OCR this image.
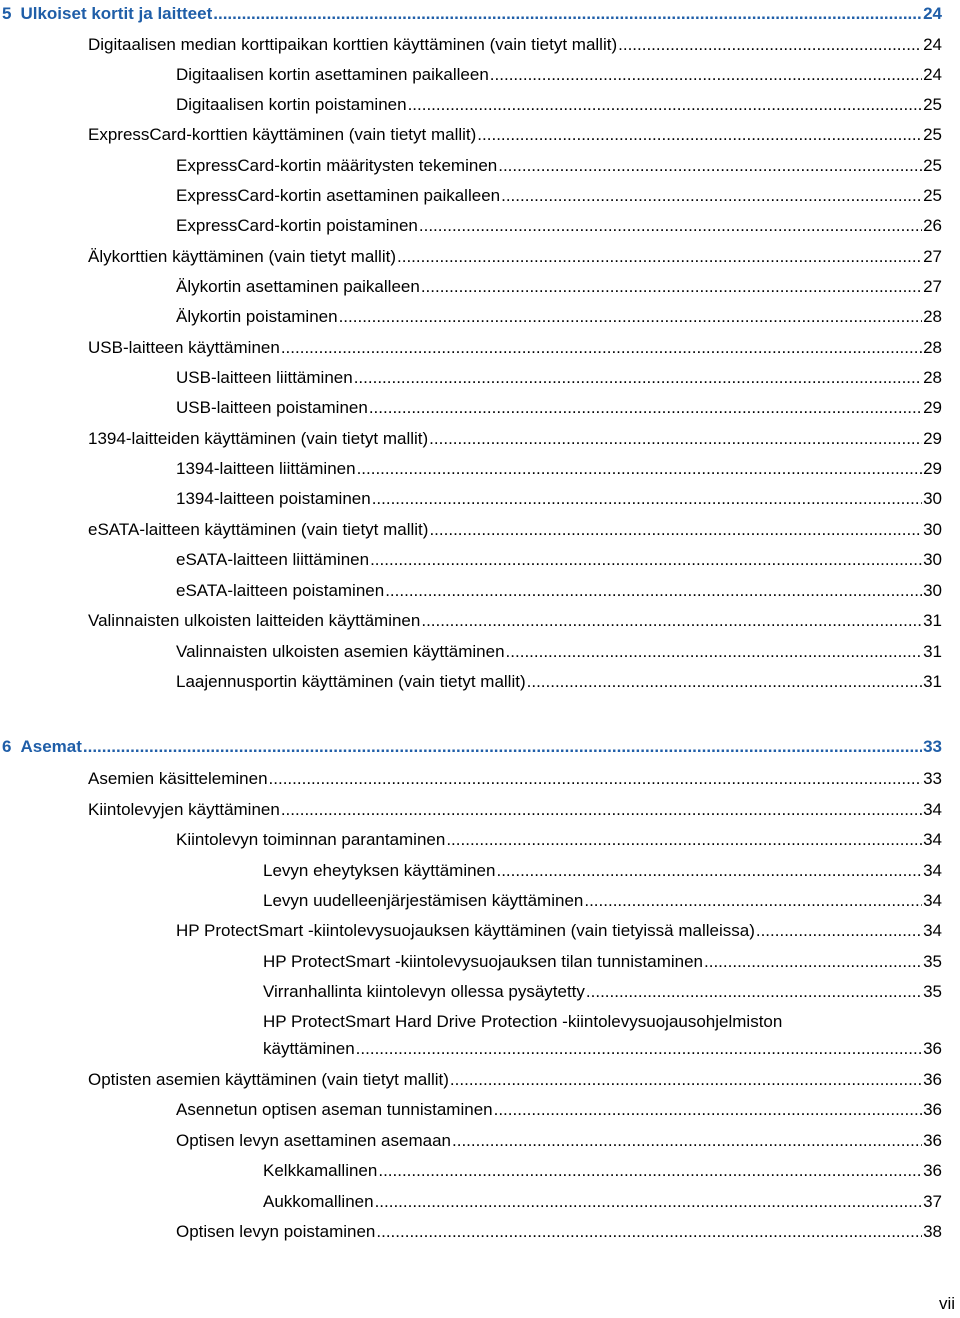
5 Ulkoiset kortit ja laitteet .....	24
Digitaalisen median korttipaikan korttien käyttäminen (vain tietyt mallit) .....	24
Digitaalisen kortin asettaminen paikalleen .....	24
Digitaalisen kortin poistaminen .....	25
ExpressCard-korttien käyttäminen (vain tietyt mallit) .....	25
ExpressCard-kortin määritysten tekeminen .....	25
ExpressCard-kortin asettaminen paikalleen .....	25
ExpressCard-kortin poistaminen .....	26
Älykorttien käyttäminen (vain tietyt mallit) .....	27
Älykortin asettaminen paikalleen .....	27
Älykortin poistaminen .....	28
USB-laitteen käyttäminen .....	28
USB-laitteen liittäminen .....	28
USB-laitteen poistaminen .....	29
1394-laitteiden käyttäminen (vain tietyt mallit) .....	29
1394-laitteen liittäminen .....	29
1394-laitteen poistaminen .....	30
eSATA-laitteen käyttäminen (vain tietyt mallit) .....	30
eSATA-laitteen liittäminen .....	30
eSATA-laitteen poistaminen .....	30
Valinnaisten ulkoisten laitteiden käyttäminen .....	31
Valinnaisten ulkoisten asemien käyttäminen .....	31
Laajennusportin käyttäminen (vain tietyt mallit) .....	31
6 Asemat .....	33
Asemien käsitteleminen .....	33
Kiintolevyjen käyttäminen .....	34
Kiintolevyn toiminnan parantaminen .....	34
Levyn eheytyksen käyttäminen .....	34
Levyn uudelleenjärjestämisen käyttäminen .....	34
HP ProtectSmart -kiintolevysuojauksen käyttäminen (vain tietyissä malleissa) .....	34
HP ProtectSmart -kiintolevysuojauksen tilan tunnistaminen .....	35
Virranhallinta kiintolevyn ollessa pysäytetty .....	35
HP ProtectSmart Hard Drive Protection -kiintolevysuojausohjelmiston
käyttäminen .....	36
Optisten asemien käyttäminen (vain tietyt mallit) .....	36
Asennetun optisen aseman tunnistaminen .....	36
Optisen levyn asettaminen asemaan .....	36
Kelkkamallinen .....	36
Aukkomallinen .....	37
Optisen levyn poistaminen .....	38
vii
